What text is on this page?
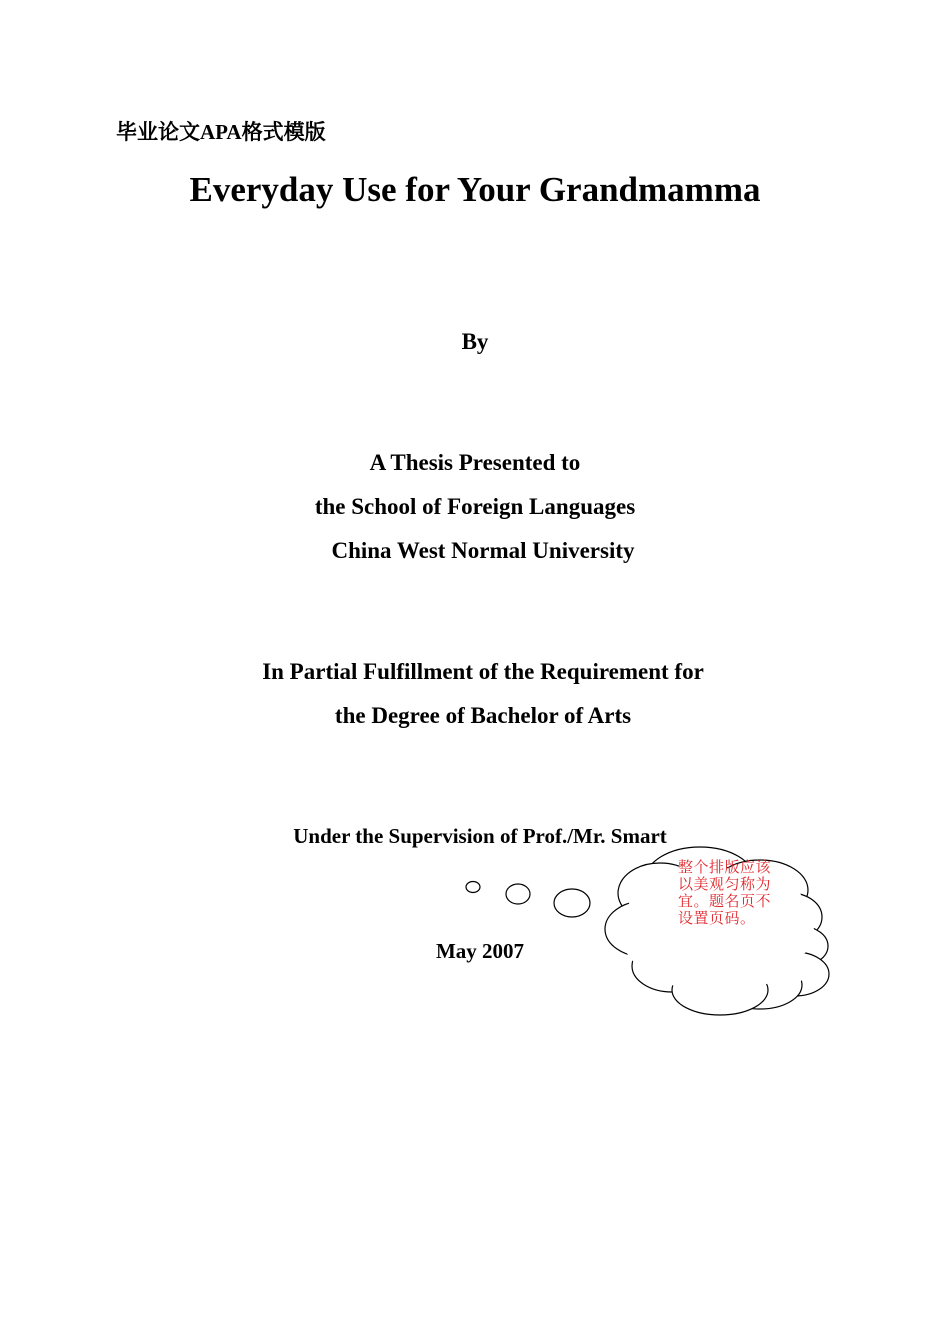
毕业论文APA格式模版
Everyday Use for Your Grandmamma
By
A Thesis Presented to
the School of Foreign Languages
China West Normal University
In Partial Fulfillment of the Requirement for
the Degree of Bachelor of Arts
Under the Supervision of Prof./Mr. Smart
May 2007
整个排版应该以美观匀称为宜。题名页不设置页码。
